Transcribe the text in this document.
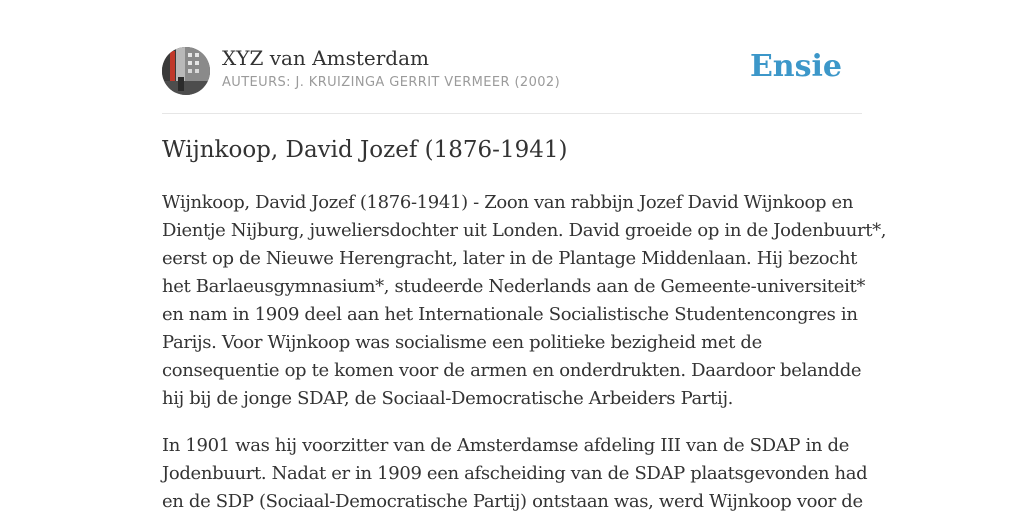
XYZ van Amsterdam
AUTEURS: J. KRUIZINGA GERRIT VERMEER (2002)	Ensie
Wijnkoop, David Jozef (1876-1941)

Wijnkoop, David Jozef (1876-1941) - Zoon van rabbijn Jozef David Wijnkoop en
Dientje Nijburg, juweliersdochter uit Londen. David groeide op in de Jodenbuurt*,
eerst op de Nieuwe Herengracht, later in de Plantage Middenlaan. Hij bezocht
het Barlaeusgymnasium*, studeerde Nederlands aan de Gemeente-universiteit*
en nam in 1909 deel aan het Internationale Socialistische Studentencongres in
Parijs. Voor Wijnkoop was socialisme een politieke bezigheid met de
consequentie op te komen voor de armen en onderdrukten. Daardoor belandde
hij bij de jonge SDAP, de Sociaal-Democratische Arbeiders Partij.

In 1901 was hij voorzitter van de Amsterdamse afdeling III van de SDAP in de
Jodenbuurt. Nadat er in 1909 een afscheiding van de SDAP plaatsgevonden had
en de SDP (Sociaal-Democratische Partij) ontstaan was, werd Wijnkoop voor de
